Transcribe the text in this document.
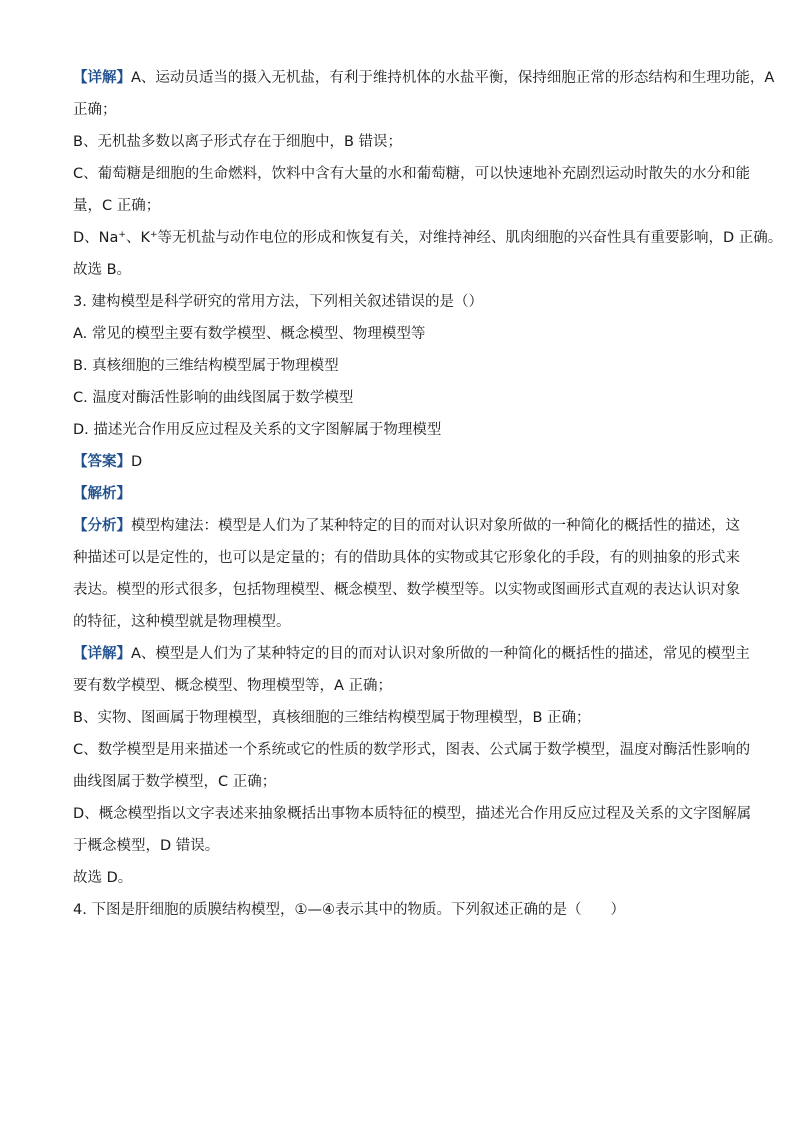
【详解】A、运动员适当的摄入无机盐，有利于维持机体的水盐平衡，保持细胞正常的形态结构和生理功能，A
正确；
B、无机盐多数以离子形式存在于细胞中，B 错误；
C、葡萄糖是细胞的生命燃料，饮料中含有大量的水和葡萄糖，可以快速地补充剧烈运动时散失的水分和能
量，C 正确；
D、Na+、K+等无机盐与动作电位的形成和恢复有关，对维持神经、肌肉细胞的兴奋性具有重要影响，D 正确。
故选 B。
3. 建构模型是科学研究的常用方法，下列相关叙述错误的是（）
A. 常见的模型主要有数学模型、概念模型、物理模型等
B. 真核细胞的三维结构模型属于物理模型
C. 温度对酶活性影响的曲线图属于数学模型
D. 描述光合作用反应过程及关系的文字图解属于物理模型
【答案】D
【解析】
【分析】模型构建法：模型是人们为了某种特定的目的而对认识对象所做的一种简化的概括性的描述，这
种描述可以是定性的，也可以是定量的；有的借助具体的实物或其它形象化的手段，有的则抽象的形式来
表达。模型的形式很多，包括物理模型、概念模型、数学模型等。以实物或图画形式直观的表达认识对象
的特征，这种模型就是物理模型。
【详解】A、模型是人们为了某种特定的目的而对认识对象所做的一种简化的概括性的描述，常见的模型主
要有数学模型、概念模型、物理模型等，A 正确；
B、实物、图画属于物理模型，真核细胞的三维结构模型属于物理模型，B 正确；
C、数学模型是用来描述一个系统或它的性质的数学形式，图表、公式属于数学模型，温度对酶活性影响的
曲线图属于数学模型，C 正确；
D、概念模型指以文字表述来抽象概括出事物本质特征的模型，描述光合作用反应过程及关系的文字图解属
于概念模型，D 错误。
故选 D。
4. 下图是肝细胞的质膜结构模型，①—④表示其中的物质。下列叙述正确的是（　　）
